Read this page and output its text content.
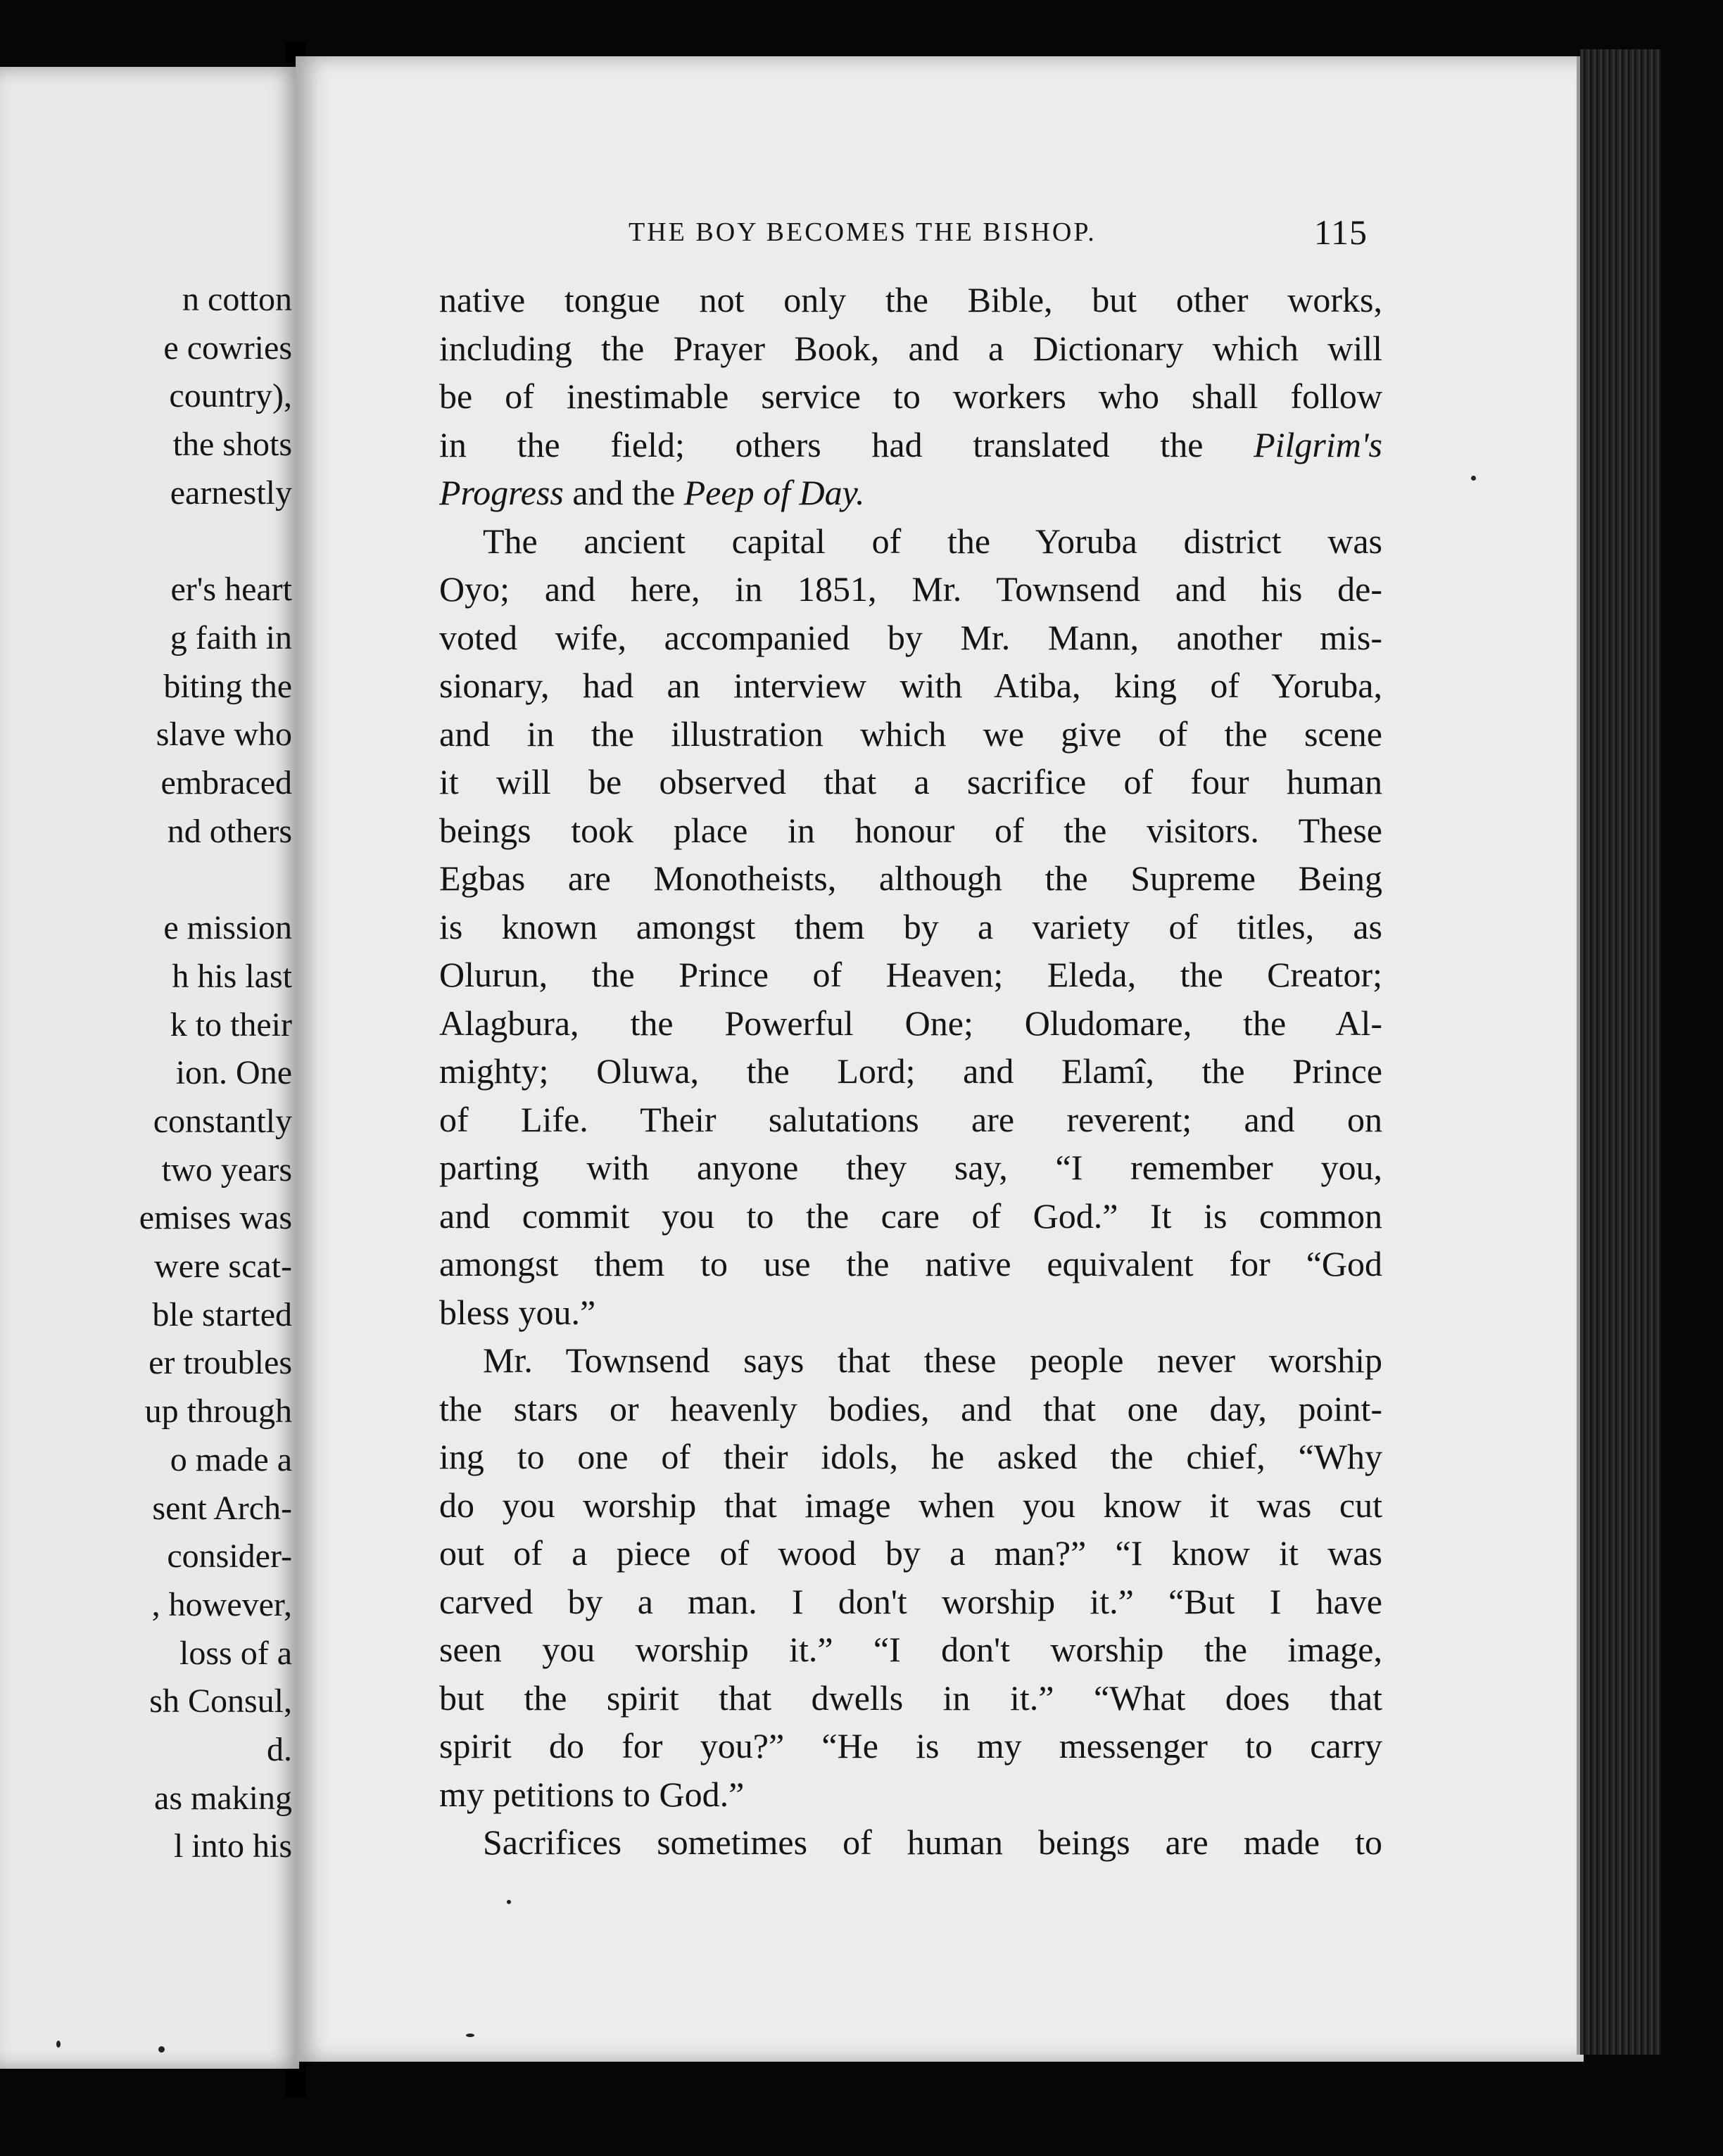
n cotton
e cowries
country),
the shots
earnestly
er's heart
g faith in
biting the
slave who
embraced
nd others
e mission
h his last
k to their
ion. One
constantly
two years
emises was
were scat-
ble started
er troubles
up through
o made a
sent Arch-
consider-
, however,
loss of a
sh Consul,
d.
as making
l into his
THE BOY BECOMES THE BISHOP.	115
native tongue not only the Bible, but other works,
including the Prayer Book, and a Dictionary which will
be of inestimable service to workers who shall follow
in the field; others had translated the Pilgrim's
Progress and the Peep of Day.
The ancient capital of the Yoruba district was
Oyo; and here, in 1851, Mr. Townsend and his de-
voted wife, accompanied by Mr. Mann, another mis-
sionary, had an interview with Atiba, king of Yoruba,
and in the illustration which we give of the scene
it will be observed that a sacrifice of four human
beings took place in honour of the visitors. These
Egbas are Monotheists, although the Supreme Being
is known amongst them by a variety of titles, as
Olurun, the Prince of Heaven; Eleda, the Creator;
Alagbura, the Powerful One; Oludomare, the Al-
mighty; Oluwa, the Lord; and Elamî, the Prince
of Life. Their salutations are reverent; and on
parting with anyone they say, “I remember you,
and commit you to the care of God.” It is common
amongst them to use the native equivalent for “God
bless you.”
Mr. Townsend says that these people never worship
the stars or heavenly bodies, and that one day, point-
ing to one of their idols, he asked the chief, “Why
do you worship that image when you know it was cut
out of a piece of wood by a man?” “I know it was
carved by a man. I don't worship it.” “But I have
seen you worship it.” “I don't worship the image,
but the spirit that dwells in it.” “What does that
spirit do for you?” “He is my messenger to carry
my petitions to God.”
Sacrifices sometimes of human beings are made to
